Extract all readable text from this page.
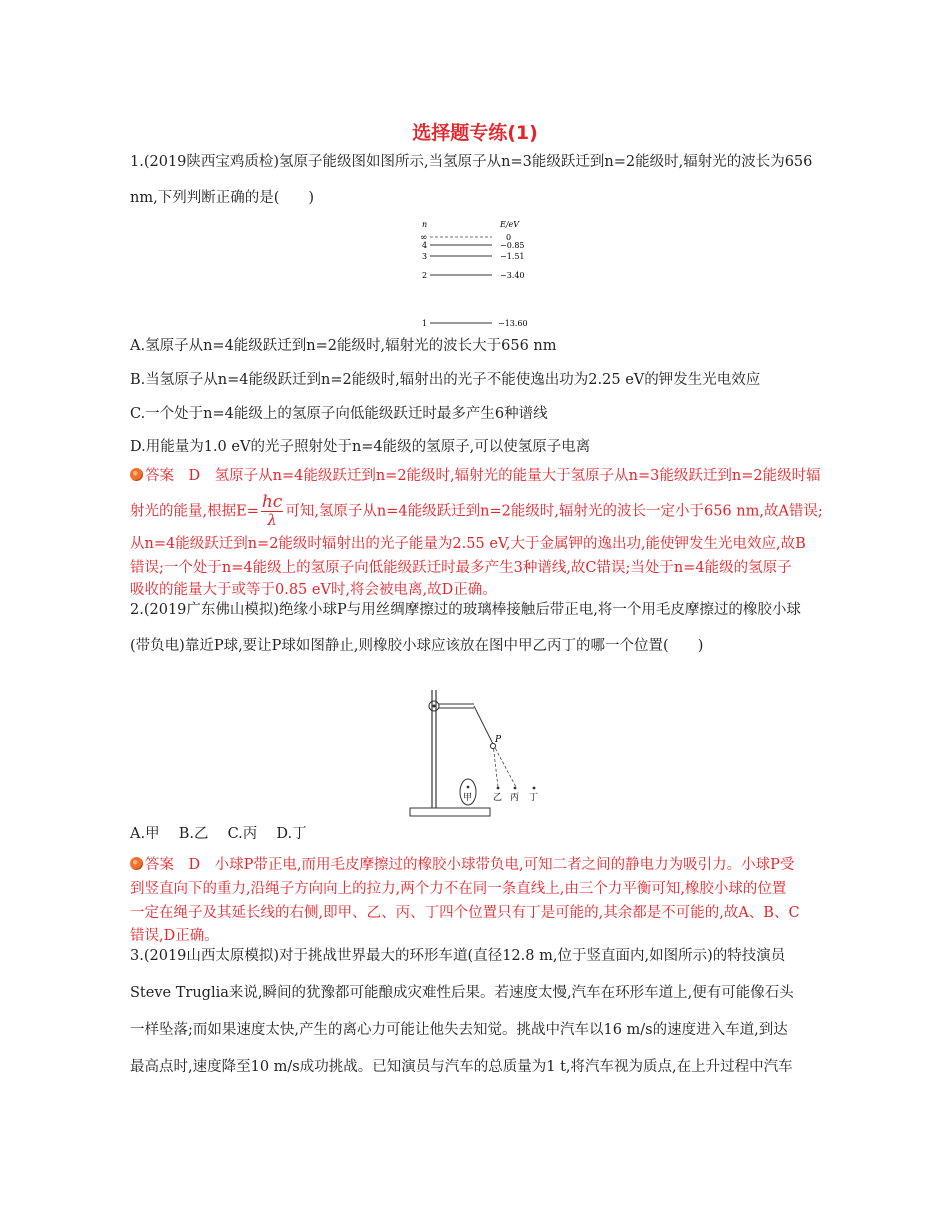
选择题专练(1)
1.(2019陕西宝鸡质检)氢原子能级图如图所示,当氢原子从n=3能级跃迁到n=2能级时,辐射光的波长为656
nm,下列判断正确的是(　　)
n	E/eV
∞	0
4	−0.85
3	−1.51
2	−3.40
1	−13.60
A.氢原子从n=4能级跃迁到n=2能级时,辐射光的波长大于656 nm
B.当氢原子从n=4能级跃迁到n=2能级时,辐射出的光子不能使逸出功为2.25 eV的钾发生光电效应
C.一个处于n=4能级上的氢原子向低能级跃迁时最多产生6种谱线
D.用能量为1.0 eV的光子照射处于n=4能级的氢原子,可以使氢原子电离
答案　D　氢原子从n=4能级跃迁到n=2能级时,辐射光的能量大于氢原子从n=3能级跃迁到n=2能级时辐
射光的能量,根据$E= \frac{hc}{\lambda}$ 可知,氢原子从n=4能级跃迁到n=2能级时,辐射光的波长一定小于656 nm,故A错误;
从n=4能级跃迁到n=2能级时辐射出的光子能量为2.55 eV,大于金属钾的逸出功,能使钾发生光电效应,故B
错误;一个处于n=4能级上的氢原子向低能级跃迁时最多产生3种谱线,故C错误;当处于n=4能级的氢原子
吸收的能量大于或等于0.85 eV时,将会被电离,故D正确。
2.(2019广东佛山模拟)绝缘小球P与用丝绸摩擦过的玻璃棒接触后带正电,将一个用毛皮摩擦过的橡胶小球
(带负电)靠近P球,要让P球如图静止,则橡胶小球应该放在图中甲乙丙丁的哪一个位置(　　)
P
甲 乙 丙 丁
A.甲　 B.乙　 C.丙　 D.丁
答案　D　小球P带正电,而用毛皮摩擦过的橡胶小球带负电,可知二者之间的静电力为吸引力。小球P受
到竖直向下的重力,沿绳子方向向上的拉力,两个力不在同一条直线上,由三个力平衡可知,橡胶小球的位置
一定在绳子及其延长线的右侧,即甲、乙、丙、丁四个位置只有丁是可能的,其余都是不可能的,故A、B、C
错误,D正确。
3.(2019山西太原模拟)对于挑战世界最大的环形车道(直径12.8 m,位于竖直面内,如图所示)的特技演员
Steve Truglia来说,瞬间的犹豫都可能酿成灾难性后果。若速度太慢,汽车在环形车道上,便有可能像石头
一样坠落;而如果速度太快,产生的离心力可能让他失去知觉。挑战中汽车以16 m/s的速度进入车道,到达
最高点时,速度降至10 m/s成功挑战。已知演员与汽车的总质量为1 t,将汽车视为质点,在上升过程中汽车
